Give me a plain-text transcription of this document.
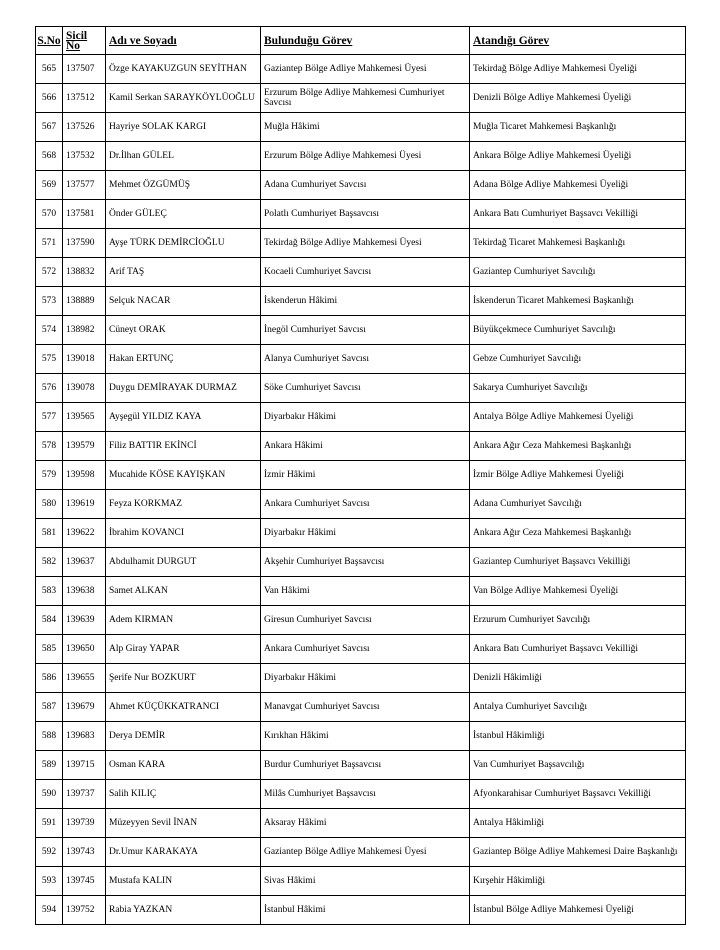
S.No	Sicil No	Adı ve Soyadı	Bulunduğu Görev	Atandığı Görev
565	137507	Özge KAYAKUZGUN SEYİTHAN	Gaziantep Bölge Adliye Mahkemesi Üyesi	Tekirdağ Bölge Adliye Mahkemesi Üyeliği
566	137512	Kamil Serkan SARAYKÖYLÜOĞLU	Erzurum Bölge Adliye Mahkemesi Cumhuriyet Savcısı	Denizli Bölge Adliye Mahkemesi Üyeliği
567	137526	Hayriye SOLAK KARGI	Muğla Hâkimi	Muğla Ticaret Mahkemesi Başkanlığı
568	137532	Dr.İlhan GÜLEL	Erzurum Bölge Adliye Mahkemesi Üyesi	Ankara Bölge Adliye Mahkemesi Üyeliği
569	137577	Mehmet ÖZGÜMÜŞ	Adana Cumhuriyet Savcısı	Adana Bölge Adliye Mahkemesi Üyeliği
570	137581	Önder GÜLEÇ	Polatlı Cumhuriyet Başsavcısı	Ankara Batı Cumhuriyet Başsavcı Vekilliği
571	137590	Ayşe TÜRK DEMİRCİOĞLU	Tekirdağ Bölge Adliye Mahkemesi Üyesi	Tekirdağ Ticaret Mahkemesi Başkanlığı
572	138832	Arif TAŞ	Kocaeli Cumhuriyet Savcısı	Gaziantep Cumhuriyet Savcılığı
573	138889	Selçuk NACAR	İskenderun Hâkimi	İskenderun Ticaret Mahkemesi Başkanlığı
574	138982	Cüneyt ORAK	İnegöl Cumhuriyet Savcısı	Büyükçekmece Cumhuriyet Savcılığı
575	139018	Hakan ERTUNÇ	Alanya Cumhuriyet Savcısı	Gebze Cumhuriyet Savcılığı
576	139078	Duygu DEMİRAYAK DURMAZ	Söke Cumhuriyet Savcısı	Sakarya Cumhuriyet Savcılığı
577	139565	Ayşegül YILDIZ KAYA	Diyarbakır Hâkimi	Antalya Bölge Adliye Mahkemesi Üyeliği
578	139579	Filiz BATTIR EKİNCİ	Ankara Hâkimi	Ankara Ağır Ceza Mahkemesi Başkanlığı
579	139598	Mucahide KÖSE KAYIŞKAN	İzmir Hâkimi	İzmir Bölge Adliye Mahkemesi Üyeliği
580	139619	Feyza KORKMAZ	Ankara Cumhuriyet Savcısı	Adana Cumhuriyet Savcılığı
581	139622	İbrahim KOVANCI	Diyarbakır Hâkimi	Ankara Ağır Ceza Mahkemesi Başkanlığı
582	139637	Abdulhamit DURGUT	Akşehir Cumhuriyet Başsavcısı	Gaziantep Cumhuriyet Başsavcı Vekilliği
583	139638	Samet ALKAN	Van Hâkimi	Van Bölge Adliye Mahkemesi Üyeliği
584	139639	Adem KIRMAN	Giresun Cumhuriyet Savcısı	Erzurum Cumhuriyet Savcılığı
585	139650	Alp Giray YAPAR	Ankara Cumhuriyet Savcısı	Ankara Batı Cumhuriyet Başsavcı Vekilliği
586	139655	Şerife Nur BOZKURT	Diyarbakır Hâkimi	Denizli Hâkimliği
587	139679	Ahmet KÜÇÜKKATRANCI	Manavgat Cumhuriyet Savcısı	Antalya Cumhuriyet Savcılığı
588	139683	Derya DEMİR	Kırıkhan Hâkimi	İstanbul Hâkimliği
589	139715	Osman KARA	Burdur Cumhuriyet Başsavcısı	Van Cumhuriyet Başsavcılığı
590	139737	Salih KILIÇ	Milâs Cumhuriyet Başsavcısı	Afyonkarahisar Cumhuriyet Başsavcı Vekilliği
591	139739	Müzeyyen Sevil İNAN	Aksaray Hâkimi	Antalya Hâkimliği
592	139743	Dr.Umur KARAKAYA	Gaziantep Bölge Adliye Mahkemesi Üyesi	Gaziantep Bölge Adliye Mahkemesi Daire Başkanlığı
593	139745	Mustafa KALIN	Sivas Hâkimi	Kırşehir Hâkimliği
594	139752	Rabia YAZKAN	İstanbul Hâkimi	İstanbul Bölge Adliye Mahkemesi Üyeliği
